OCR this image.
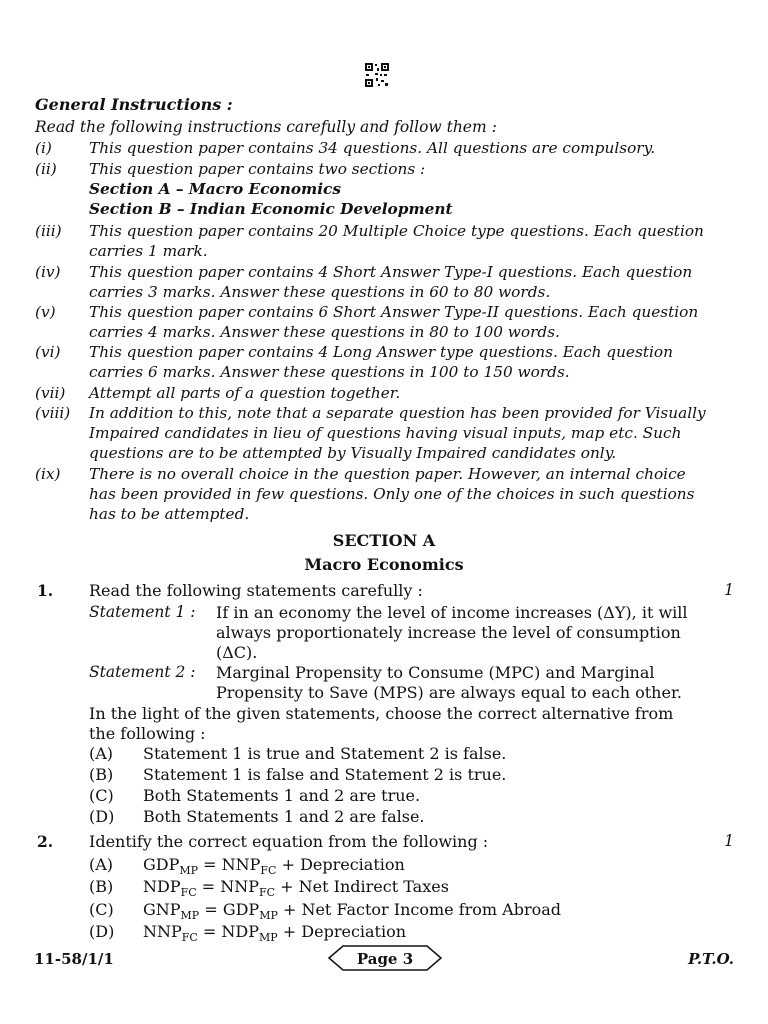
General Instructions :
Read the following instructions carefully and follow them :
(i) This question paper contains 34 questions. All questions are compulsory.
(ii) This question paper contains two sections :
Section A – Macro Economics
Section B – Indian Economic Development
(iii) This question paper contains 20 Multiple Choice type questions. Each question
carries 1 mark.
(iv) This question paper contains 4 Short Answer Type-I questions. Each question
carries 3 marks. Answer these questions in 60 to 80 words.
(v) This question paper contains 6 Short Answer Type-II questions. Each question
carries 4 marks. Answer these questions in 80 to 100 words.
(vi) This question paper contains 4 Long Answer type questions. Each question
carries 6 marks. Answer these questions in 100 to 150 words.
(vii) Attempt all parts of a question together.
(viii) In addition to this, note that a separate question has been provided for Visually
Impaired candidates in lieu of questions having visual inputs, map etc. Such
questions are to be attempted by Visually Impaired candidates only.
(ix) There is no overall choice in the question paper. However, an internal choice
has been provided in few questions. Only one of the choices in such questions
has to be attempted.
SECTION A
Macro Economics
1.	1
Read the following statements carefully :
Statement 1 : If in an economy the level of income increases (ΔY), it will
always proportionately increase the level of consumption
(ΔC).
Statement 2 : Marginal Propensity to Consume (MPC) and Marginal
Propensity to Save (MPS) are always equal to each other.
In the light of the given statements, choose the correct alternative from
the following :
(A) Statement 1 is true and Statement 2 is false.
(B) Statement 1 is false and Statement 2 is true.
(C) Both Statements 1 and 2 are true.
(D) Both Statements 1 and 2 are false.
2.	1
Identify the correct equation from the following :
(A) $GDP_{MP} = NNP_{FC}$ + Depreciation
(B) $NDP_{FC} = NNP_{FC}$ + Net Indirect Taxes
(C) $GNP_{MP} = GDP_{MP}$ + Net Factor Income from Abroad
(D) $NNP_{FC} = NDP_{MP}$ + Depreciation
11-58/1/1	Page 3	P.T.O.
